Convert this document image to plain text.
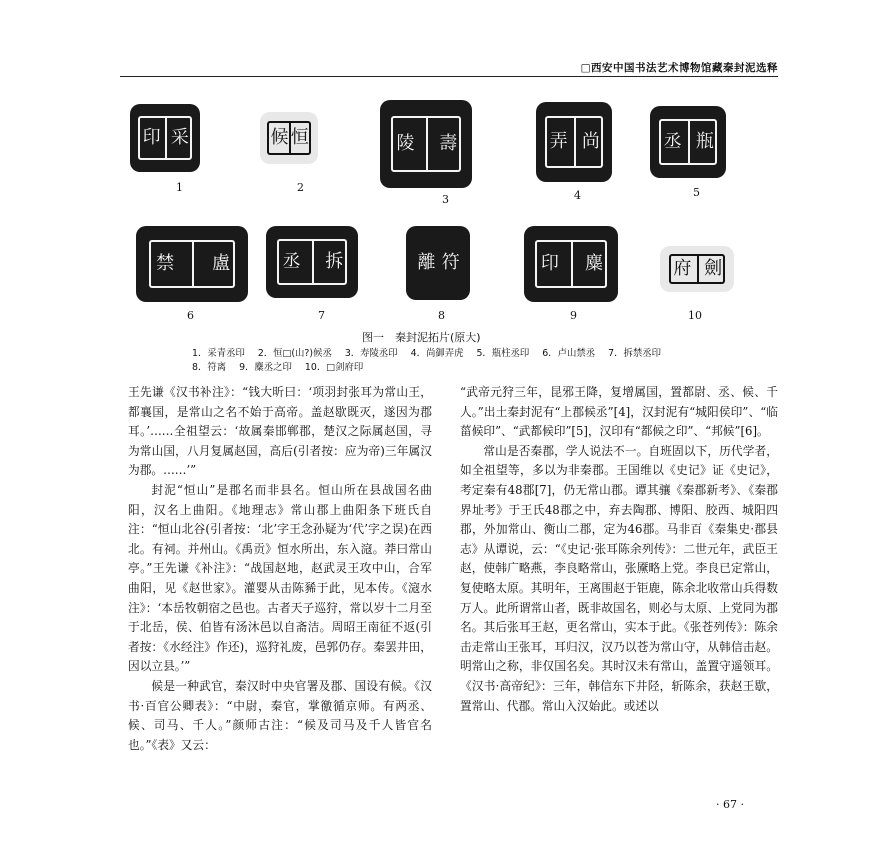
□西安中国书法艺术博物馆藏秦封泥选释
印 采	候 恒	陵 壽	弄 尚	丞 瓶
1	2
3	4	5
禁 盧	丞 拆	離 符	印 麋	府 劍
6	7	8	9	10
图一　秦封泥拓片(原大)
1．采青丞印 2．恒□(山?)候丞 3．寿陵丞印 4．尚御弄虎 5．瓶柱丞印 6．卢山禁丞 7．拆禁丞印 8．符离 9．麋丞之印 10．□剑府印

王先谦《汉书补注》：“钱大昕曰：‘项羽封张耳为常山王，都襄国，是常山之名不始于高帝。盖赵歇既灭，遂因为郡耳。’……全祖望云：‘故属秦邯郸郡，楚汉之际属赵国，寻为常山国，八月复属赵国，高后(引者按：应为帝)三年属汉为郡。……’”

封泥“恒山”是郡名而非县名。恒山所在县战国名曲阳，汉名上曲阳。《地理志》常山郡上曲阳条下班氏自注：“恒山北谷(引者按：‘北’字王念孙疑为‘代’字之误)在西北。有祠。并州山。《禹贡》恒水所出，东入滱。莽曰常山亭。”王先谦《补注》：“战国赵地，赵武灵王攻中山，合军曲阳，见《赵世家》。灌婴从击陈豨于此，见本传。《滱水注》：‘本岳牧朝宿之邑也。古者天子巡狩，常以岁十二月至于北岳，侯、伯皆有汤沐邑以自斋洁。周昭王南征不返(引者按：《水经注》作还)，巡狩礼废，邑郭仍存。秦罢井田，因以立县。’”

候是一种武官，秦汉时中央官署及郡、国设有候。《汉书·百官公卿表》：“中尉，秦官，掌徼循京师。有两丞、候、司马、千人。”颜师古注：“候及司马及千人皆官名也。”《表》又云：

“武帝元狩三年，昆邪王降，复增属国，置都尉、丞、候、千人。”出土秦封泥有“上郡候丞”[4]，汉封泥有“城阳侯印”、“临菑候印”、“武都候印”[5]，汉印有“都候之印”、“邦候”[6]。

常山是否秦郡，学人说法不一。自班固以下，历代学者，如全祖望等，多以为非秦郡。王国维以《史记》证《史记》，考定秦有48郡[7]，仍无常山郡。谭其骧《秦郡新考》、《秦郡界址考》于王氏48郡之中，弃去陶郡、博阳、胶西、城阳四郡，外加常山、衡山二郡，定为46郡。马非百《秦集史·郡县志》从谭说，云：“《史记·张耳陈余列传》：二世元年，武臣王赵，使韩广略燕，李良略常山，张黡略上党。李良已定常山，复使略太原。其明年，王离围赵于钜鹿，陈余北收常山兵得数万人。此所谓常山者，既非故国名，则必与太原、上党同为郡名。其后张耳王赵，更名常山，实本于此。《张苍列传》：陈余击走常山王张耳，耳归汉，汉乃以苍为常山守，从韩信击赵。明常山之称，非仅国名矣。其时汉未有常山，盖置守遥领耳。《汉书·高帝纪》：三年，韩信东下井陉，斩陈余，获赵王歇，置常山、代郡。常山入汉始此。或述以

· 67 ·
